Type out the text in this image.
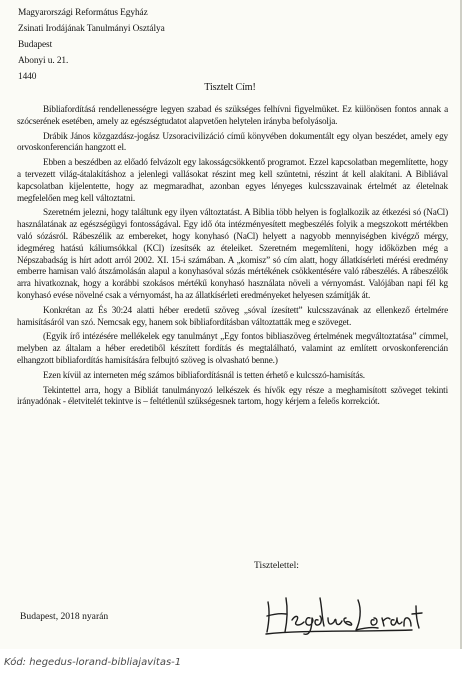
Magyarországi Református Egyház
Zsinati Irodájának Tanulmányi Osztálya
Budapest
Abonyi u. 21.
1440
Tisztelt Cím!

Bibliafordításá rendellenességre legyen szabad és szükséges felhívni figyelmüket. Ez különösen fontos annak a szócserének esetében, amely az egészségtudatot alapvetően helytelen irányba befolyásolja.

Drábik János közgazdász-jogász Uzsoracivilizáció című könyvében dokumentált egy olyan beszédet, amely egy orvoskonferencián hangzott el.

Ebben a beszédben az előadó felvázolt egy lakosságcsökkentő programot. Ezzel kapcsolatban megemlítette, hogy a tervezett világ-átalakításhoz a jelenlegi vallásokat részint meg kell szüntetni, részint át kell alakítani. A Bibliával kapcsolatban kijelentette, hogy az megmaradhat, azonban egyes lényeges kulcsszavainak értelmét az életelnak megfelelően meg kell változtatni.

Szeretném jelezni, hogy találtunk egy ilyen változtatást. A Biblia több helyen is foglalkozik az étkezési só (NaCl) használatának az egészségügyi fontosságával. Egy idő óta intézményesített megbeszélés folyik a megszokott mértékben való sózásról. Rábeszélik az embereket, hogy konyhasó (NaCl) helyett a nagyobb mennyiségben kivégző mérgy, idegméreg hatású káliumsókkal (KCl) ízesítsék az ételeiket. Szeretném megemlíteni, hogy időközben még a Népszabadság is hírt adott arról 2002. XI. 15-i számában. A „komisz” só cím alatt, hogy állatkísérleti mérési eredmény emberre hamisan való átszámolásán alapul a konyhasóval sózás mértékének csökkentésére való rábeszélés. A rábeszélők arra hivatkoznak, hogy a korábbi szokásos mértékű konyhasó használata növeli a vérnyomást. Valójában napi fél kg konyhasó evése növelné csak a vérnyomást, ha az állatkísérleti eredményeket helyesen számítják át.

Konkrétan az És 30:24 alatti héber eredetű szöveg „sóval ízesített” kulcsszavának az ellenkező értelmére hamisításáról van szó. Nemcsak egy, hanem sok bibliafordításban változtatták meg e szöveget.

(Egyik írő intézésére mellékelek egy tanulmányt „Egy fontos bibliaszöveg értelmének megváltoztatása” címmel, melyben az általam a héber eredetiből készített fordítás és megtalálható, valamint az említett orvoskonferencián elhangzott bibliafordítás hamisítására felbujtó szöveg is olvasható benne.)

Ezen kívül az interneten még számos bibliafordításnál is tetten érhető e kulcsszó-hamisítás.

Tekintettel arra, hogy a Bibliát tanulmányozó lelkészek és hívők egy része a meghamisított szöveget tekinti irányadónak - életvitelét tekintve is – feltétlenül szükségesnek tartom, hogy kérjem a feleős korrekciót.

Tisztelettel:
Budapest, 2018 nyarán
Kód: hegedus-lorand-bibliajavitas-1
